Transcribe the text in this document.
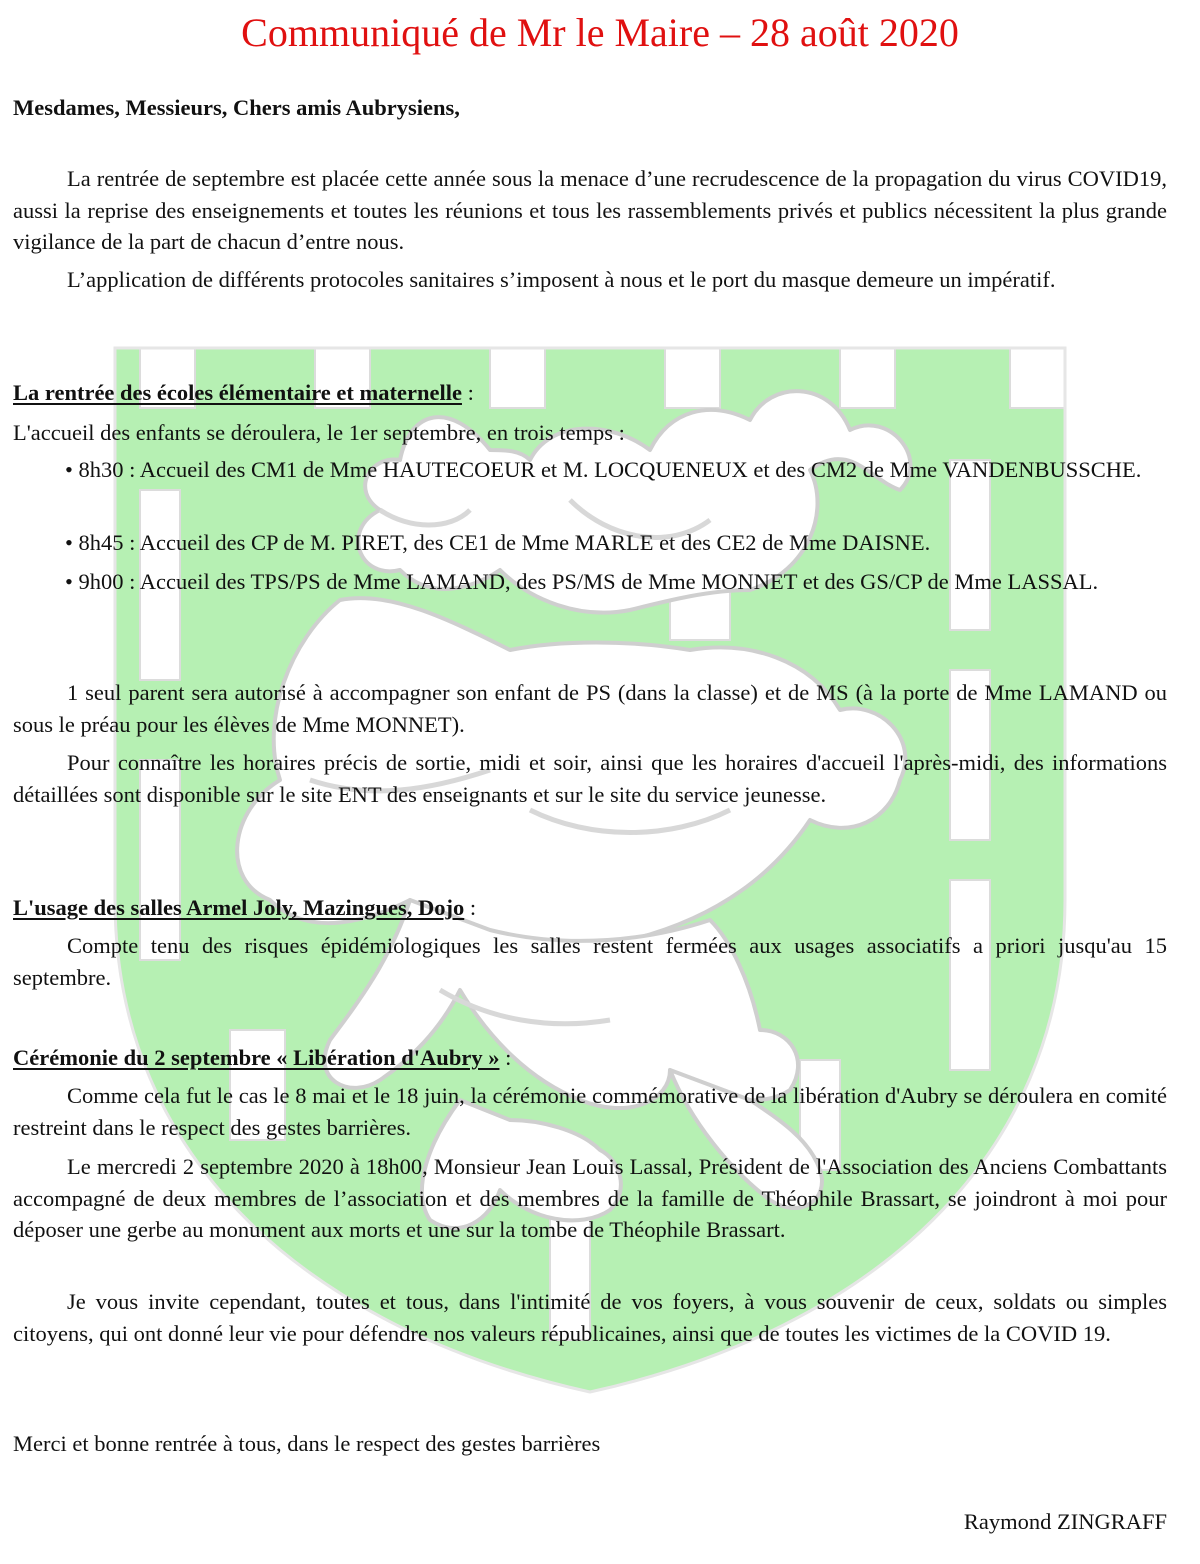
Communiqué de Mr le Maire – 28 août 2020

Mesdames, Messieurs, Chers amis Aubrysiens,

La rentrée de septembre est placée cette année sous la menace d’une recrudescence de la propagation du virus COVID19, aussi la reprise des enseignements et toutes les réunions et tous les rassemblements privés et publics nécessitent la plus grande vigilance de la part de chacun d’entre nous.

L’application de différents protocoles sanitaires s’imposent à nous et le port du masque demeure un impératif.

La rentrée des écoles élémentaire et maternelle :

L'accueil des enfants se déroulera, le 1er septembre, en trois temps :

• 8h30 : Accueil des CM1 de Mme HAUTECOEUR et M. LOCQUENEUX et des CM2 de Mme VANDENBUSSCHE.

• 8h45 : Accueil des CP de M. PIRET, des CE1 de Mme MARLE et des CE2 de Mme DAISNE.

• 9h00 : Accueil des TPS/PS de Mme LAMAND, des PS/MS de Mme MONNET et des GS/CP de Mme LASSAL.

1 seul parent sera autorisé à accompagner son enfant de PS (dans la classe) et de MS (à la porte de Mme LAMAND ou sous le préau pour les élèves de Mme MONNET).

Pour connaître les horaires précis de sortie, midi et soir, ainsi que les horaires d'accueil l'après-midi, des informations détaillées sont disponible sur le site ENT des enseignants et sur le site du service jeunesse.

L'usage des salles Armel Joly, Mazingues, Dojo :

Compte tenu des risques épidémiologiques les salles restent fermées aux usages associatifs a priori jusqu'au 15 septembre.

Cérémonie du 2 septembre « Libération d'Aubry » :

Comme cela fut le cas le 8 mai et le 18 juin, la cérémonie commémorative de la libération d'Aubry se déroulera en comité restreint dans le respect des gestes barrières.

Le mercredi 2 septembre 2020 à 18h00, Monsieur Jean Louis Lassal, Président de l'Association des Anciens Combattants accompagné de deux membres de l’association et des membres de la famille de Théophile Brassart, se joindront à moi pour déposer une gerbe au monument aux morts et une sur la tombe de Théophile Brassart.

Je vous invite cependant, toutes et tous, dans l'intimité de vos foyers, à vous souvenir de ceux, soldats ou simples citoyens, qui ont donné leur vie pour défendre nos valeurs républicaines, ainsi que de toutes les victimes de la COVID 19.

Merci et bonne rentrée à tous, dans le respect des gestes barrières

Raymond ZINGRAFF
